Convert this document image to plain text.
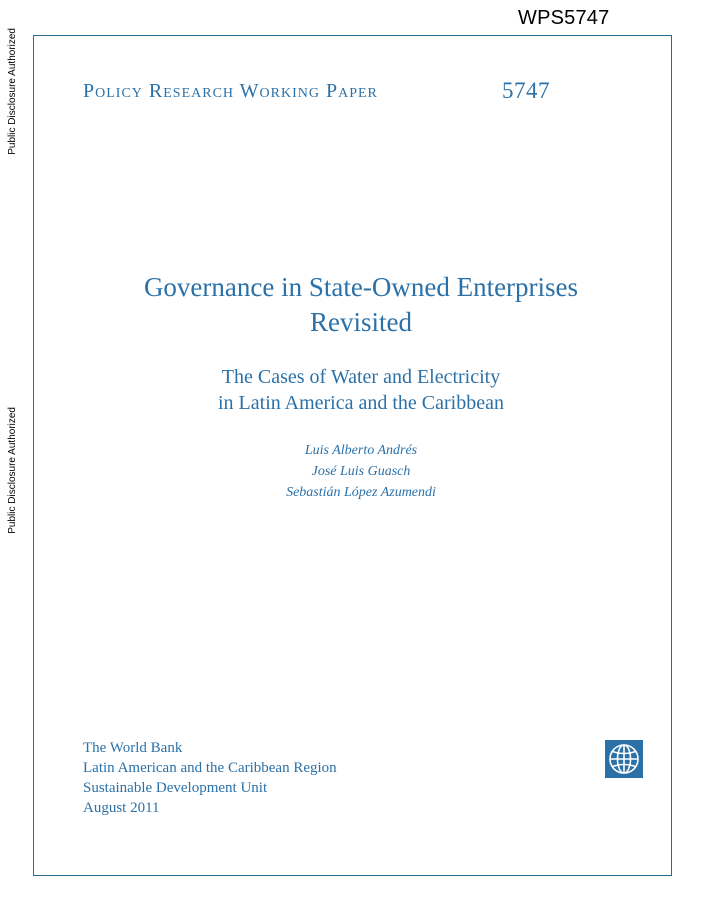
WPS5747
Public Disclosure Authorized
Public Disclosure Authorized
Policy Research Working Paper	5747
Governance in State-Owned Enterprises
Revisited
The Cases of Water and Electricity
in Latin America and the Caribbean
Luis Alberto Andrés
José Luis Guasch
Sebastián López Azumendi
The World Bank
Latin American and the Caribbean Region
Sustainable Development Unit
August 2011
